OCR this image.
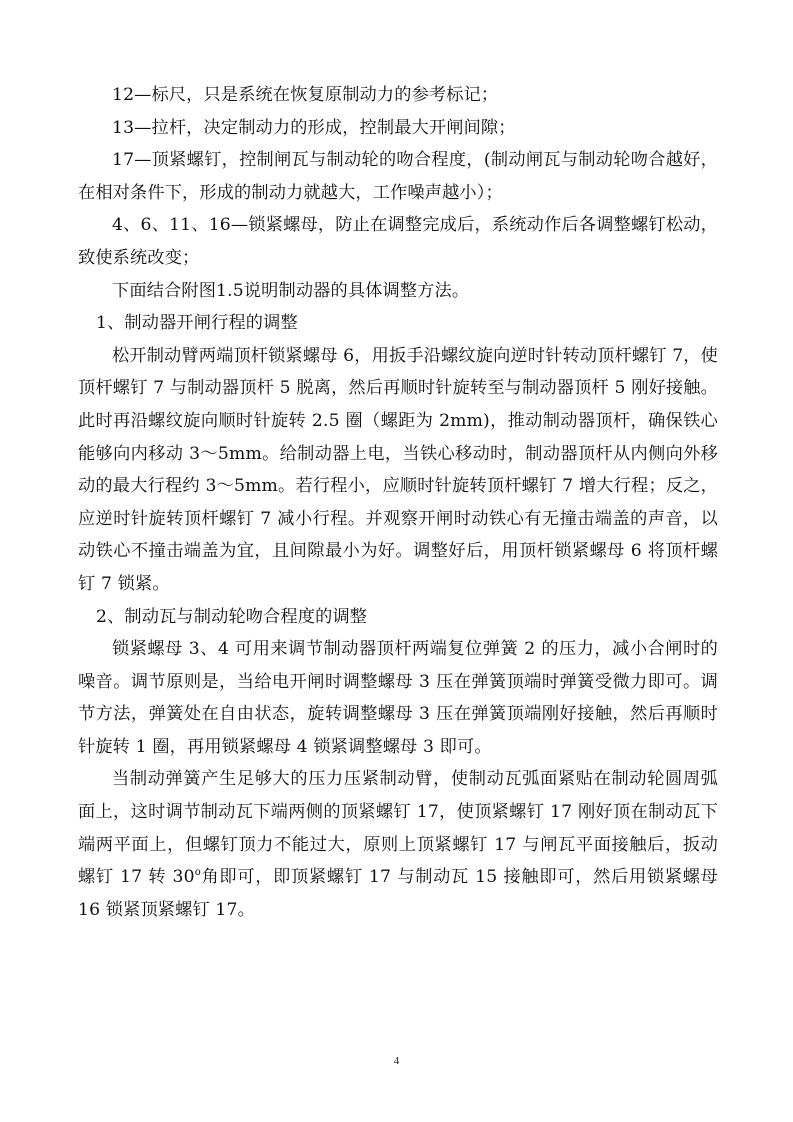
12—标尺，只是系统在恢复原制动力的参考标记；

13—拉杆，决定制动力的形成，控制最大开闸间隙；

17—顶紧螺钉，控制闸瓦与制动轮的吻合程度，(制动闸瓦与制动轮吻合越好，在相对条件下，形成的制动力就越大，工作噪声越小）；

4、6、11、16—锁紧螺母，防止在调整完成后，系统动作后各调整螺钉松动，致使系统改变；

下面结合附图1.5说明制动器的具体调整方法。

1、制动器开闸行程的调整

松开制动臂两端顶杆锁紧螺母 6，用扳手沿螺纹旋向逆时针转动顶杆螺钉 7，使顶杆螺钉 7 与制动器顶杆 5 脱离，然后再顺时针旋转至与制动器顶杆 5 刚好接触。此时再沿螺纹旋向顺时针旋转 2.5 圈（螺距为 2mm)，推动制动器顶杆，确保铁心能够向内移动 3～5mm。给制动器上电，当铁心移动时，制动器顶杆从内侧向外移动的最大行程约 3～5mm。若行程小，应顺时针旋转顶杆螺钉 7 增大行程；反之，应逆时针旋转顶杆螺钉 7 减小行程。并观察开闸时动铁心有无撞击端盖的声音，以动铁心不撞击端盖为宜，且间隙最小为好。调整好后，用顶杆锁紧螺母 6 将顶杆螺钉 7 锁紧。

2、制动瓦与制动轮吻合程度的调整

锁紧螺母 3、4 可用来调节制动器顶杆两端复位弹簧 2 的压力，减小合闸时的噪音。调节原则是，当给电开闸时调整螺母 3 压在弹簧顶端时弹簧受微力即可。调节方法，弹簧处在自由状态，旋转调整螺母 3 压在弹簧顶端刚好接触，然后再顺时针旋转 1 圈，再用锁紧螺母 4 锁紧调整螺母 3 即可。

当制动弹簧产生足够大的压力压紧制动臂，使制动瓦弧面紧贴在制动轮圆周弧面上，这时调节制动瓦下端两侧的顶紧螺钉 17，使顶紧螺钉 17 刚好顶在制动瓦下端两平面上，但螺钉顶力不能过大，原则上顶紧螺钉 17 与闸瓦平面接触后，扳动螺钉 17 转 30$^o$角即可，即顶紧螺钉 17 与制动瓦 15 接触即可，然后用锁紧螺母 16 锁紧顶紧螺钉 17。

4
